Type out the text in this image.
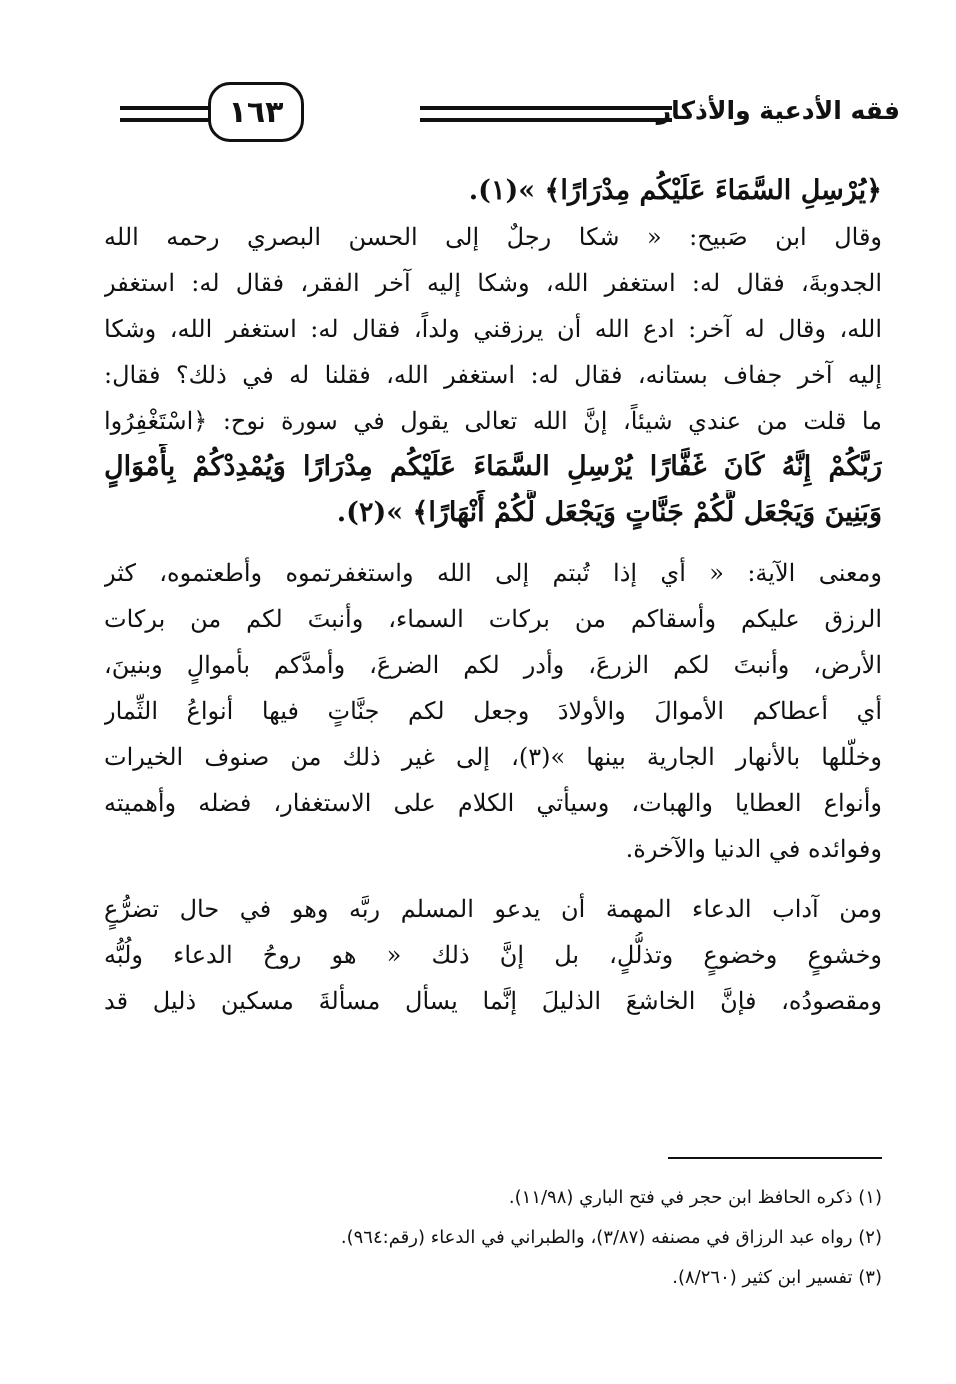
١٦٣	فقه الأدعية والأذكار
﴿يُرْسِلِ السَّمَاءَ عَلَيْكُم مِدْرَارًا﴾ »(١).
وقال ابن صَبيح: « شكا رجلٌ إلى الحسن البصري رحمه الله
الجدوبةَ، فقال له: استغفر الله، وشكا إليه آخر الفقر، فقال له: استغفر
الله، وقال له آخر: ادع الله أن يرزقني ولداً، فقال له: استغفر الله، وشكا
إليه آخر جفاف بستانه، فقال له: استغفر الله، فقلنا له في ذلك؟ فقال:
ما قلت من عندي شيئاً، إنَّ الله تعالى يقول في سورة نوح: ﴿اسْتَغْفِرُوا
رَبَّكُمْ إِنَّهُ كَانَ غَفَّارًا يُرْسِلِ السَّمَاءَ عَلَيْكُم مِدْرَارًا وَيُمْدِدْكُمْ بِأَمْوَالٍ
وَبَنِينَ وَيَجْعَل لَّكُمْ جَنَّاتٍ وَيَجْعَل لَّكُمْ أَنْهَارًا﴾ »(٢).
ومعنى الآية: « أي إذا تُبتم إلى الله واستغفرتموه وأطعتموه، كثر
الرزق عليكم وأسقاكم من بركات السماء، وأنبتَ لكم من بركات
الأرض، وأنبتَ لكم الزرعَ، وأدر لكم الضرعَ، وأمدَّكم بأموالٍ وبنينَ،
أي أعطاكم الأموالَ والأولادَ وجعل لكم جنَّاتٍ فيها أنواعُ الثِّمار
وخلّلها بالأنهار الجارية بينها »(٣)، إلى غير ذلك من صنوف الخيرات
وأنواع العطايا والهبات، وسيأتي الكلام على الاستغفار، فضله وأهميته
وفوائده في الدنيا والآخرة.
ومن آداب الدعاء المهمة أن يدعو المسلم ربَّه وهو في حال تضرُّعٍ
وخشوعٍ وخضوعٍ وتذلُّلٍ، بل إنَّ ذلك « هو روحُ الدعاء ولُبُّه
ومقصودُه، فإنَّ الخاشعَ الذليلَ إنَّما يسأل مسألةَ مسكين ذليل قد
(١) ذكره الحافظ ابن حجر في فتح الباري (١١/٩٨).
(٢) رواه عبد الرزاق في مصنفه (٣/٨٧)، والطبراني في الدعاء (رقم:٩٦٤).
(٣) تفسير ابن كثير (٨/٢٦٠).
